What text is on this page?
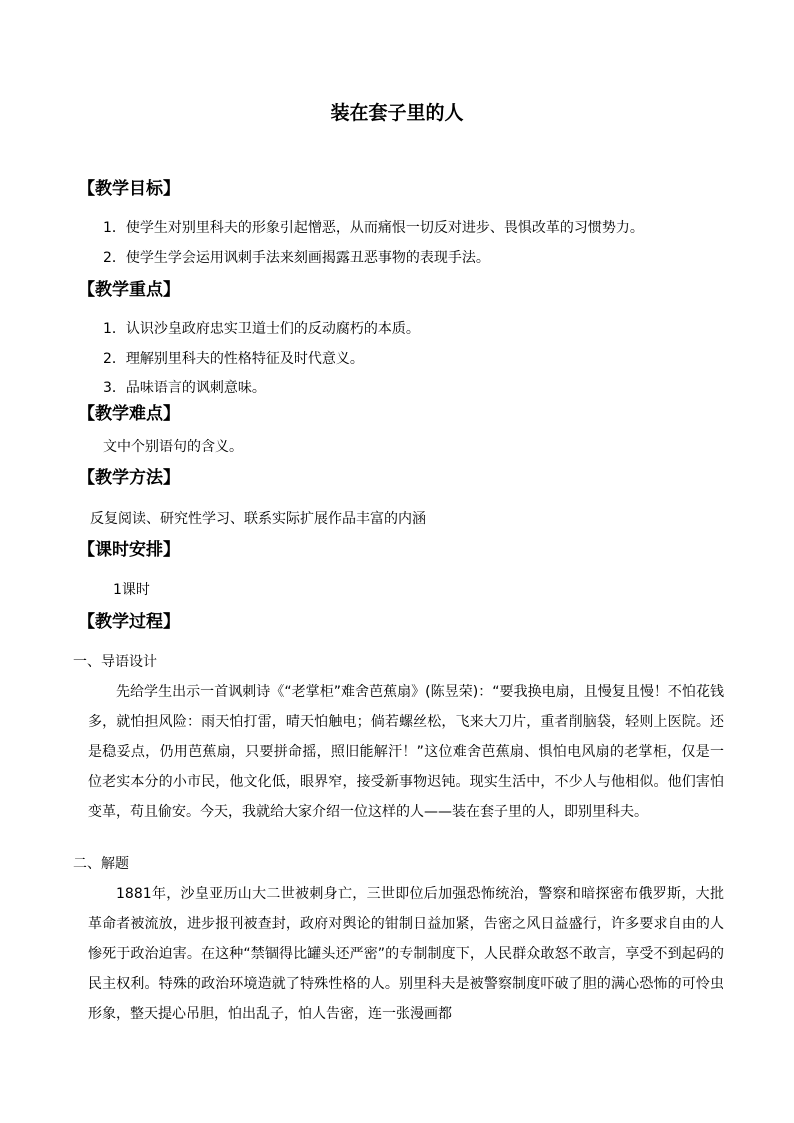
装在套子里的人
【教学目标】
1．使学生对别里科夫的形象引起憎恶，从而痛恨一切反对进步、畏惧改革的习惯势力。
2．使学生学会运用讽刺手法来刻画揭露丑恶事物的表现手法。
【教学重点】
1．认识沙皇政府忠实卫道士们的反动腐朽的本质。
2．理解别里科夫的性格特征及时代意义。
3．品味语言的讽刺意味。
【教学难点】
文中个别语句的含义。
【教学方法】
反复阅读、研究性学习、联系实际扩展作品丰富的内涵
【课时安排】
1课时
【教学过程】
一、导语设计
先给学生出示一首讽刺诗《“老掌柜”难舍芭蕉扇》(陈昱荣)：“要我换电扇，且慢复且慢！不怕花钱多，就怕担风险：雨天怕打雷，晴天怕触电；倘若螺丝松，飞来大刀片，重者削脑袋，轻则上医院。还是稳妥点，仍用芭蕉扇，只要拼命摇，照旧能解汗！”这位难舍芭蕉扇、惧怕电风扇的老掌柜，仅是一位老实本分的小市民，他文化低，眼界窄，接受新事物迟钝。现实生活中，不少人与他相似。他们害怕变革，苟且偷安。今天，我就给大家介绍一位这样的人——装在套子里的人，即别里科夫。
二、解题
1881年，沙皇亚历山大二世被刺身亡，三世即位后加强恐怖统治，警察和暗探密布俄罗斯，大批革命者被流放，进步报刊被查封，政府对舆论的钳制日益加紧，告密之风日益盛行，许多要求自由的人惨死于政治迫害。在这种“禁锢得比罐头还严密”的专制制度下，人民群众敢怒不敢言，享受不到起码的民主权利。特殊的政治环境造就了特殊性格的人。别里科夫是被警察制度吓破了胆的满心恐怖的可怜虫形象，整天提心吊胆，怕出乱子，怕人告密，连一张漫画都
